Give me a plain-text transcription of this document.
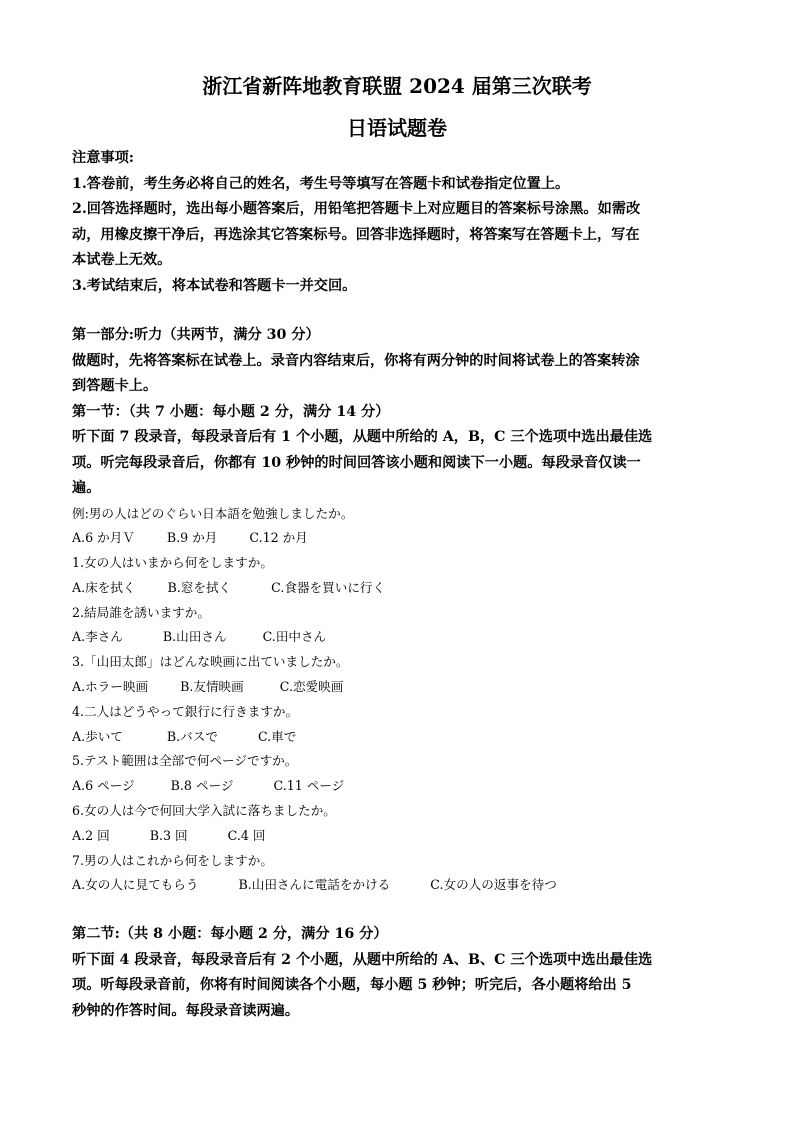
浙江省新阵地教育联盟 2024 届第三次联考
日语试题卷

注意事项:

1.答卷前，考生务必将自己的姓名，考生号等填写在答题卡和试卷指定位置上。

2.回答选择题时，选出每小题答案后，用铅笔把答题卡上对应题目的答案标号涂黑。如需改

动，用橡皮擦干净后，再选涂其它答案标号。回答非选择题时，将答案写在答题卡上，写在

本试卷上无效。

3.考试结束后，将本试卷和答题卡一并交回。

第一部分:听力（共两节，满分 30 分）

做题时，先将答案标在试卷上。录音内容结束后，你将有两分钟的时间将试卷上的答案转涂

到答题卡上。

第一节：（共 7 小题：每小题 2 分，满分 14 分）

听下面 7 段录音，每段录音后有 1 个小题，从题中所给的 A，B，C 三个选项中选出最佳选

项。听完每段录音后，你都有 10 秒钟的时间回答该小题和阅读下一小题。每段录音仅读一

遍。

例:男の人はどのぐらい日本語を勉強しましたか。

A.6 か月Ｖ        B.9 か月        C.12 か月

1.女の人はいまから何をしますか。

A.床を拭く        B.窓を拭く          C.食器を買いに行く

2.結局誰を誘いますか。

A.李さん          B.山田さん         C.田中さん

3.「山田太郎」はどんな映画に出ていましたか。

A.ホラー映画        B.友情映画         C.恋愛映画

4.二人はどうやって銀行に行きますか。

A.歩いて           B.バスで          C.車で

5.テスト範囲は全部で何ページですか。

A.6 ページ         B.8 ページ          C.11 ページ

6.女の人は今で何回大学入試に落ちましたか。

A.2 回          B.3 回          C.4 回

7.男の人はこれから何をしますか。

A.女の人に見てもらう          B.山田さんに電話をかける          C.女の人の返事を待つ

第二节:（共 8 小题：每小题 2 分，满分 16 分）

听下面 4 段录音，每段录音后有 2 个小题，从题中所给的 A、B、C 三个选项中选出最佳选

项。听每段录音前，你将有时间阅读各个小题，每小题 5 秒钟；听完后，各小题将给出 5

秒钟的作答时间。每段录音读两遍。
